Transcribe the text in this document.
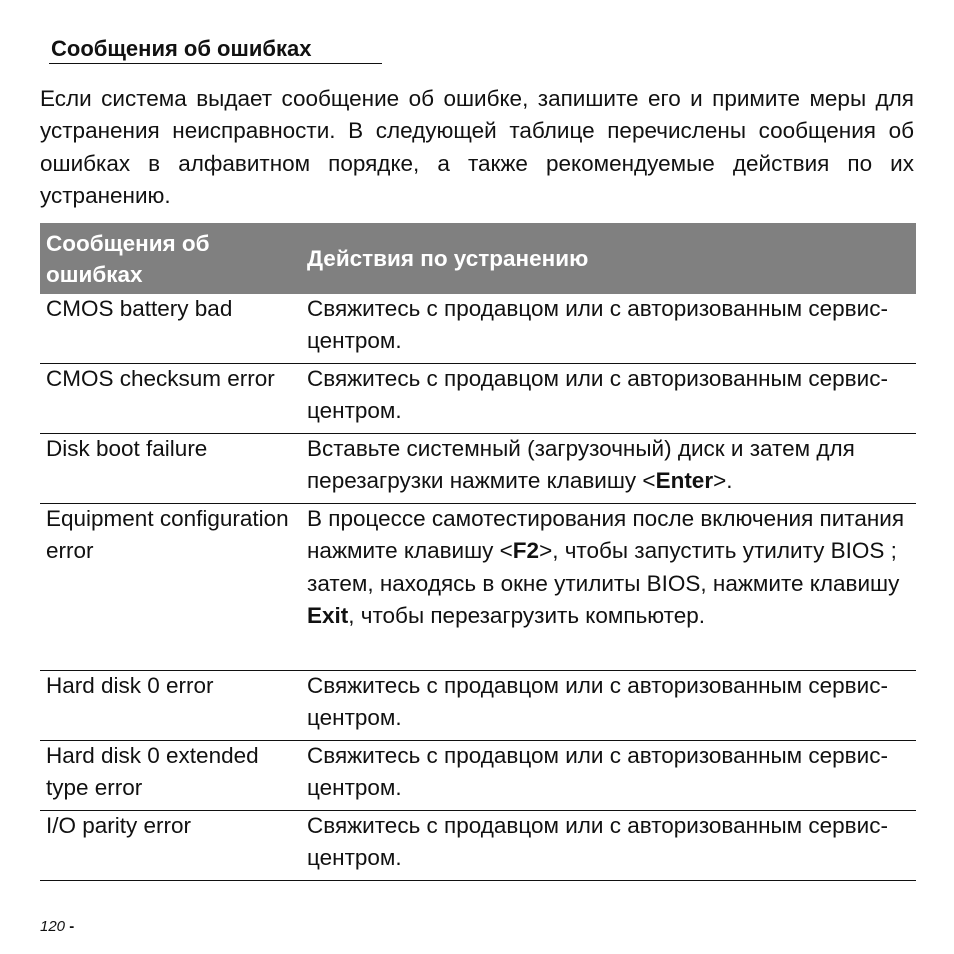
Сообщения об ошибках

Если система выдает сообщение об ошибке, запишите его и примите меры для устранения неисправности. В следующей таблице перечислены сообщения об ошибках в алфавитном порядке, а также рекомендуемые действия по их устранению.

Сообщения об ошибках	Действия по устранению

CMOS battery bad	Свяжитесь с продавцом или с авторизованным сервис-центром.

CMOS checksum error	Свяжитесь с продавцом или с авторизованным сервис-центром.

Disk boot failure	Вставьте системный (загрузочный) диск и затем для перезагрузки нажмите клавишу <Enter>.

Equipment configuration error	В процессе самотестирования после включения питания нажмите клавишу <F2>, чтобы запустить утилиту BIOS ; затем, находясь в окне утилиты BIOS, нажмите клавишу Exit, чтобы перезагрузить компьютер.

Hard disk 0 error	Свяжитесь с продавцом или с авторизованным сервис-центром.

Hard disk 0 extended type error	Свяжитесь с продавцом или с авторизованным сервис-центром.

I/O parity error	Свяжитесь с продавцом или с авторизованным сервис-центром.
120 -
